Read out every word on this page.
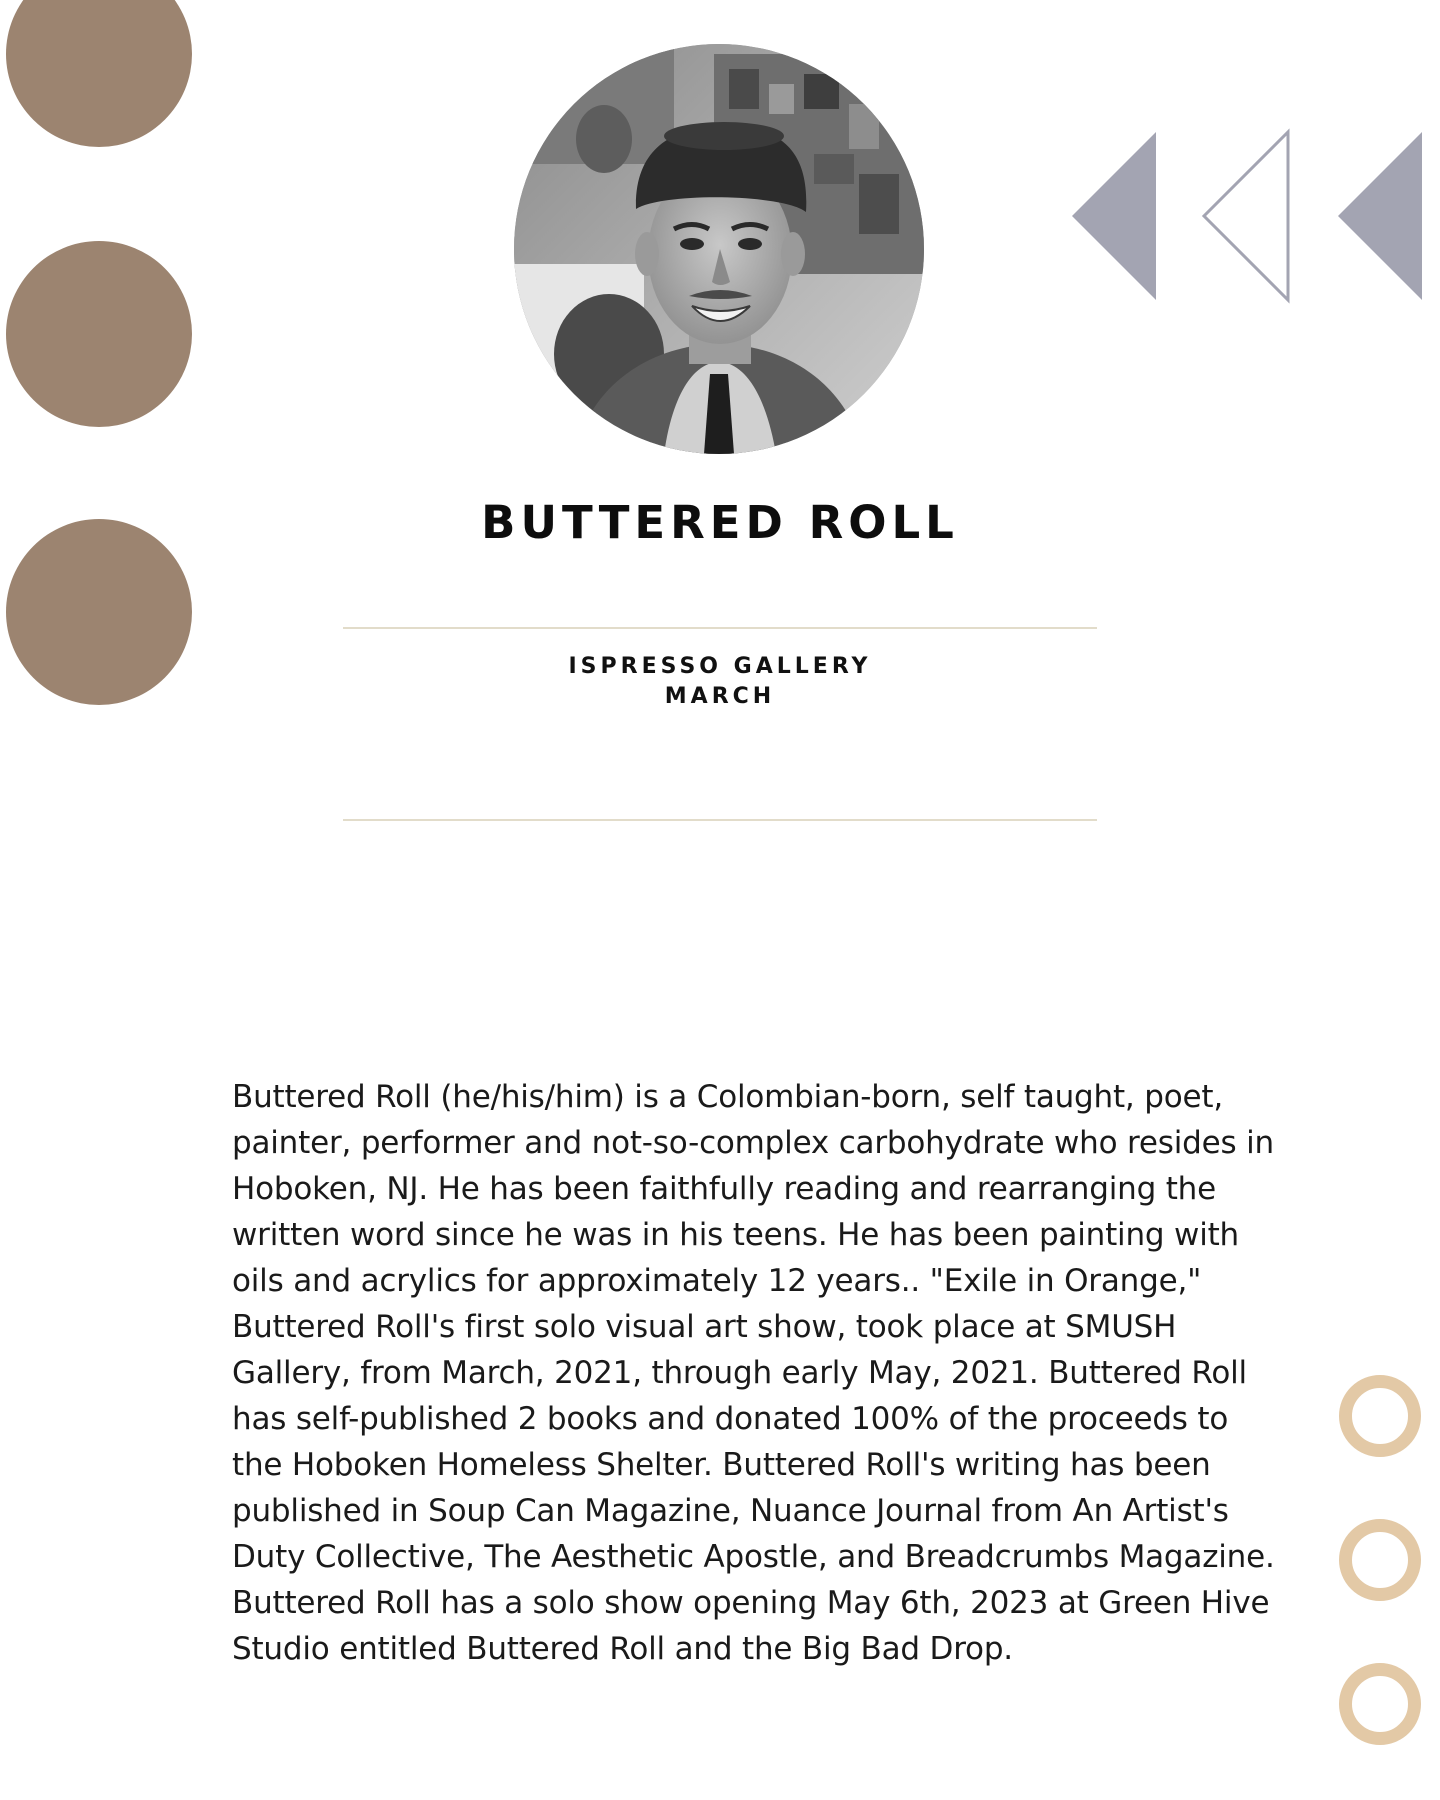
BUTTERED ROLL
ISPRESSO GALLERY
MARCH

Buttered Roll (he/his/him) is a Colombian-born, self taught, poet, painter, performer and not-so-complex carbohydrate who resides in Hoboken, NJ. He has been faithfully reading and rearranging the written word since he was in his teens. He has been painting with oils and acrylics for approximately 12 years.. "Exile in Orange," Buttered Roll's first solo visual art show, took place at SMUSH Gallery, from March, 2021, through early May, 2021. Buttered Roll has self-published 2 books and donated 100% of the proceeds to the Hoboken Homeless Shelter. Buttered Roll's writing has been published in Soup Can Magazine, Nuance Journal from An Artist's Duty Collective, The Aesthetic Apostle, and Breadcrumbs Magazine. Buttered Roll has a solo show opening May 6th, 2023 at Green Hive Studio entitled Buttered Roll and the Big Bad Drop.
